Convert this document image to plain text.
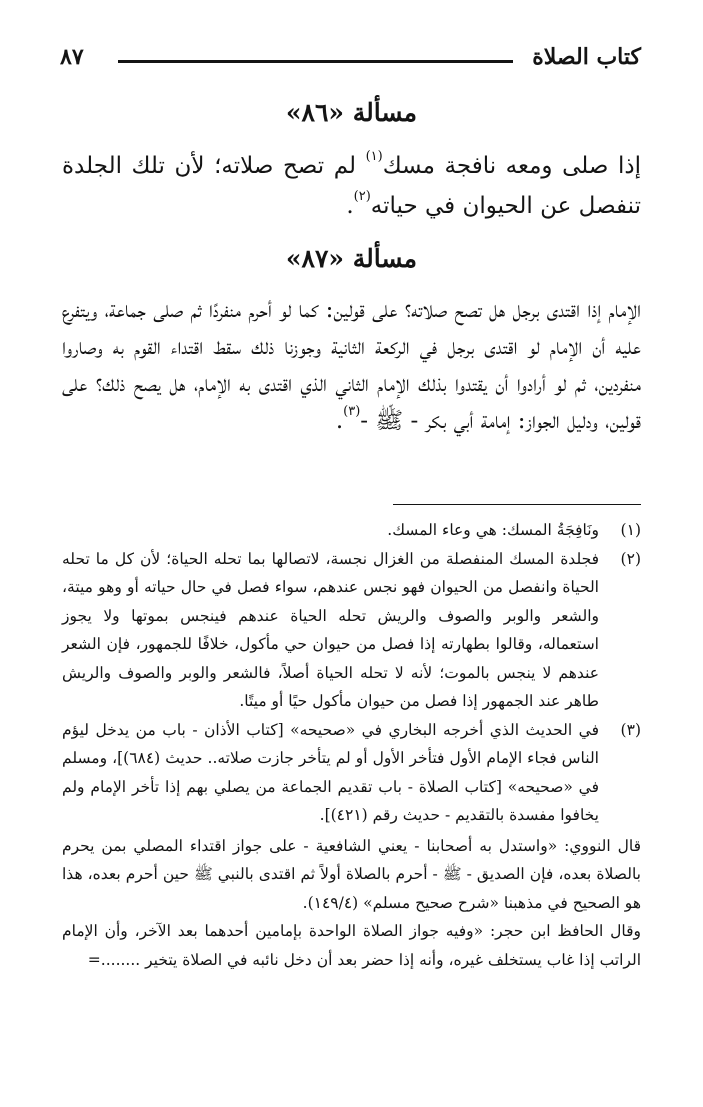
٨٧	كتاب الصلاة
مسألة «٨٦»

إذا صلى ومعه نافجة مسك$^{(١)}$ لم تصح صلاته؛ لأن تلك الجلدة تنفصل عن الحيوان في حياته$^{(٢)}$.

مسألة «٨٧»

الإمام إذا اقتدى برجل هل تصح صلاته؟ على قولين: كما لو أحرم منفردًا ثم صلى جماعة، ويتفرع عليه أن الإمام لو اقتدى برجل في الركعة الثانية وجوزنا ذلك سقط اقتداء القوم به وصاروا منفردين، ثم لو أرادوا أن يقتدوا بذلك الإمام الثاني الذي اقتدى به الإمام، هل يصح ذلك؟ على قولين، ودليل الجواز: إمامة أبي بكر - ﷺ -$^{(٣)}$.

(١)
ونَافِجَةُ المسك: هي وعاء المسك.
(٢)
فجلدة المسك المنفصلة من الغزال نجسة، لاتصالها بما تحله الحياة؛ لأن كل ما تحله الحياة وانفصل من الحيوان فهو نجس عندهم، سواء فصل في حال حياته أو وهو ميتة، والشعر والوبر والصوف والريش تحله الحياة عندهم فينجس بموتها ولا يجوز استعماله، وقالوا بطهارته إذا فصل من حيوان حي مأكول، خلافًا للجمهور، فإن الشعر عندهم لا ينجس بالموت؛ لأنه لا تحله الحياة أصلاً، فالشعر والوبر والصوف والريش طاهر عند الجمهور إذا فصل من حيوان مأكول حيًا أو ميتًا.
(٣)
في الحديث الذي أخرجه البخاري في «صحيحه» [كتاب الأذان - باب من يدخل ليؤم الناس فجاء الإمام الأول فتأخر الأول أو لم يتأخر جازت صلاته.. حديث (٦٨٤)]، ومسلم في «صحيحه» [كتاب الصلاة - باب تقديم الجماعة من يصلي بهم إذا تأخر الإمام ولم يخافوا مفسدة بالتقديم - حديث رقم (٤٢١)].
قال النووي: «واستدل به أصحابنا - يعني الشافعية - على جواز اقتداء المصلي بمن يحرم بالصلاة بعده، فإن الصديق - ﷺ - أحرم بالصلاة أولاً ثم اقتدى بالنبي ﷺ حين أحرم بعده، هذا هو الصحيح في مذهبنا «شرح صحيح مسلم» (١٤٩/٤).
وقال الحافظ ابن حجر: «وفيه جواز الصلاة الواحدة بإمامين أحدهما بعد الآخر، وأن الإمام الراتب إذا غاب يستخلف غيره، وأنه إذا حضر بعد أن دخل نائبه في الصلاة يتخير ........=
